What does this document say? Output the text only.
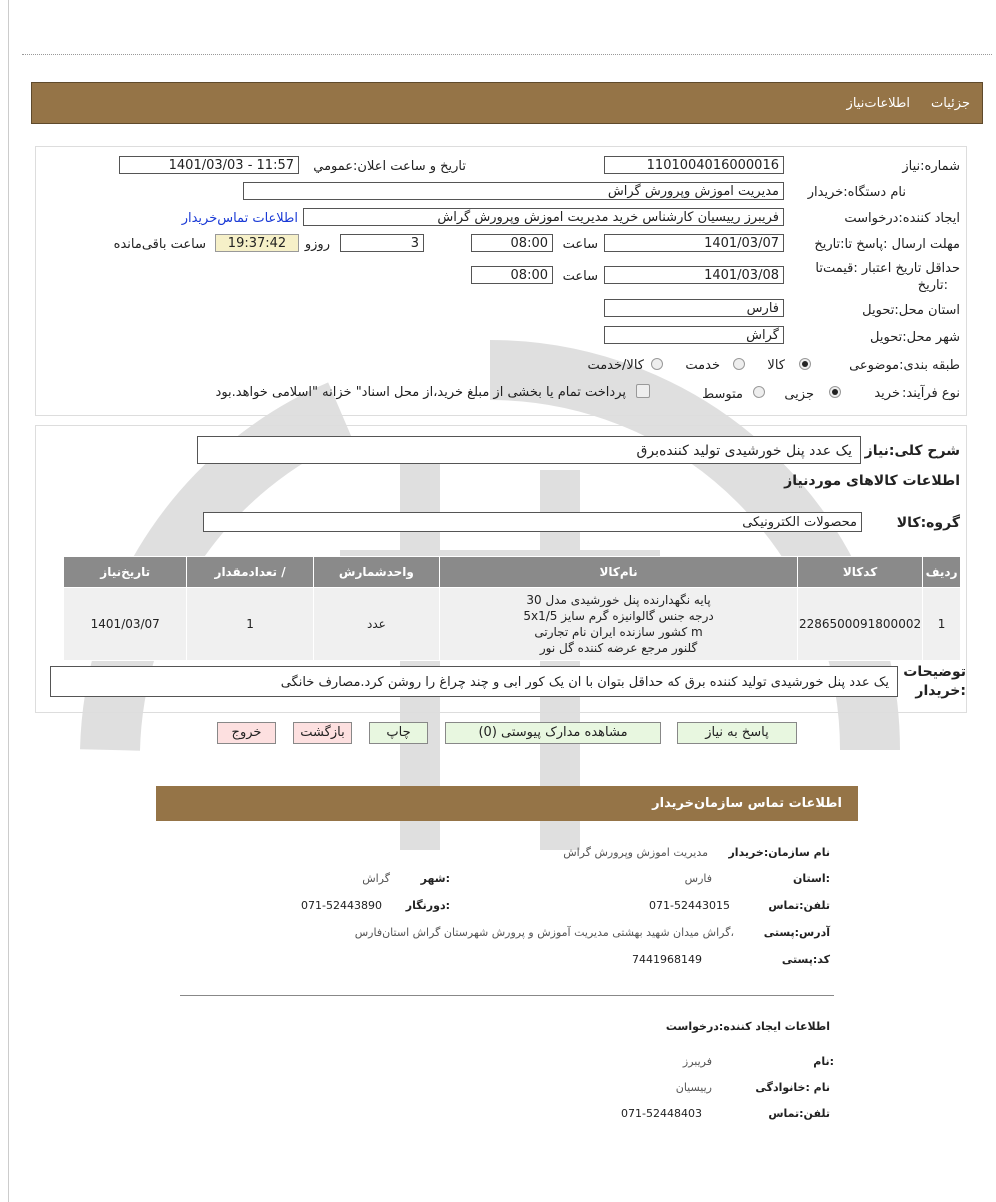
جزئیات
اطلاعات‌نیاز
شماره:نیاز
1101004016000016
تاریخ و ساعت اعلان:عمومي
1401/03/03 - 11:57
نام دستگاه:خريدار
مدیریت اموزش وپرورش گراش
ایجاد کننده:درخواست
فریبرز رییسیان کارشناس خرید مدیریت اموزش وپرورش گراش
اطلاعات تماس‌خریدار
مهلت ارسال :پاسخ تا:تاریخ
1401/03/07
ساعت
08:00
3
روزو
19:37:42
ساعت باقی‌مانده
حداقل تاریخ اعتبار :قیمت‌تا
:تاریخ
1401/03/08
ساعت
08:00
استان محل:تحویل
فارس
شهر محل:تحویل
گراش
طبقه بندی:موضوعی
کالا
خدمت
کالا/خدمت
نوع فرآیند:
خريد
جزیی
متوسط
پرداخت تمام یا بخشی از مبلغ خرید،از محل اسناد" خزانه "اسلامی خواهد.بود
شرح کلی:نیاز
یک عدد پنل خورشیدی تولید کننده‌برق
اطلاعات کالاهای موردنیاز
گروه:کالا
محصولات الکترونیکی
ردیف	کدکالا	نام‌کالا	واحدشمارش	/ تعدادمقدار	تاریخ‌نیاز
1	2286500091800002	پایه نگهدارنده پنل خورشیدی مدل 30
درجه جنس گالوانیزه گرم سایز 5x1/5
m کشور سازنده ایران نام تجارتی
گلنور مرجع عرضه کننده گل نور	عدد	1	1401/03/07
توضیحات
:خریدار
یک عدد پنل خورشیدی تولید کننده برق که حداقل بتوان با ان یک کور ابی و چند چراغ را روشن کرد.مصارف خانگی
پاسخ به نیاز
مشاهده مدارک پیوستی (0)
چاپ
بازگشت
خروج
اطلاعات تماس سازمان‌خریدار
نام سازمان:خریدار
مدیریت اموزش وپرورش گراش
:استان
فارس
:شهر
گراش
تلفن:تماس
071-52443015
:دورنگار
071-52443890
آدرس:پستی
،گراش میدان شهید بهشتی مدیریت آموزش و پرورش شهرستان گراش استان‌فارس
کد:پستی
7441968149
اطلاعات ایجاد کننده:درخواست
:نام
فریبرز
نام :خانوادگی
رییسیان
تلفن:تماس
071-52448403
